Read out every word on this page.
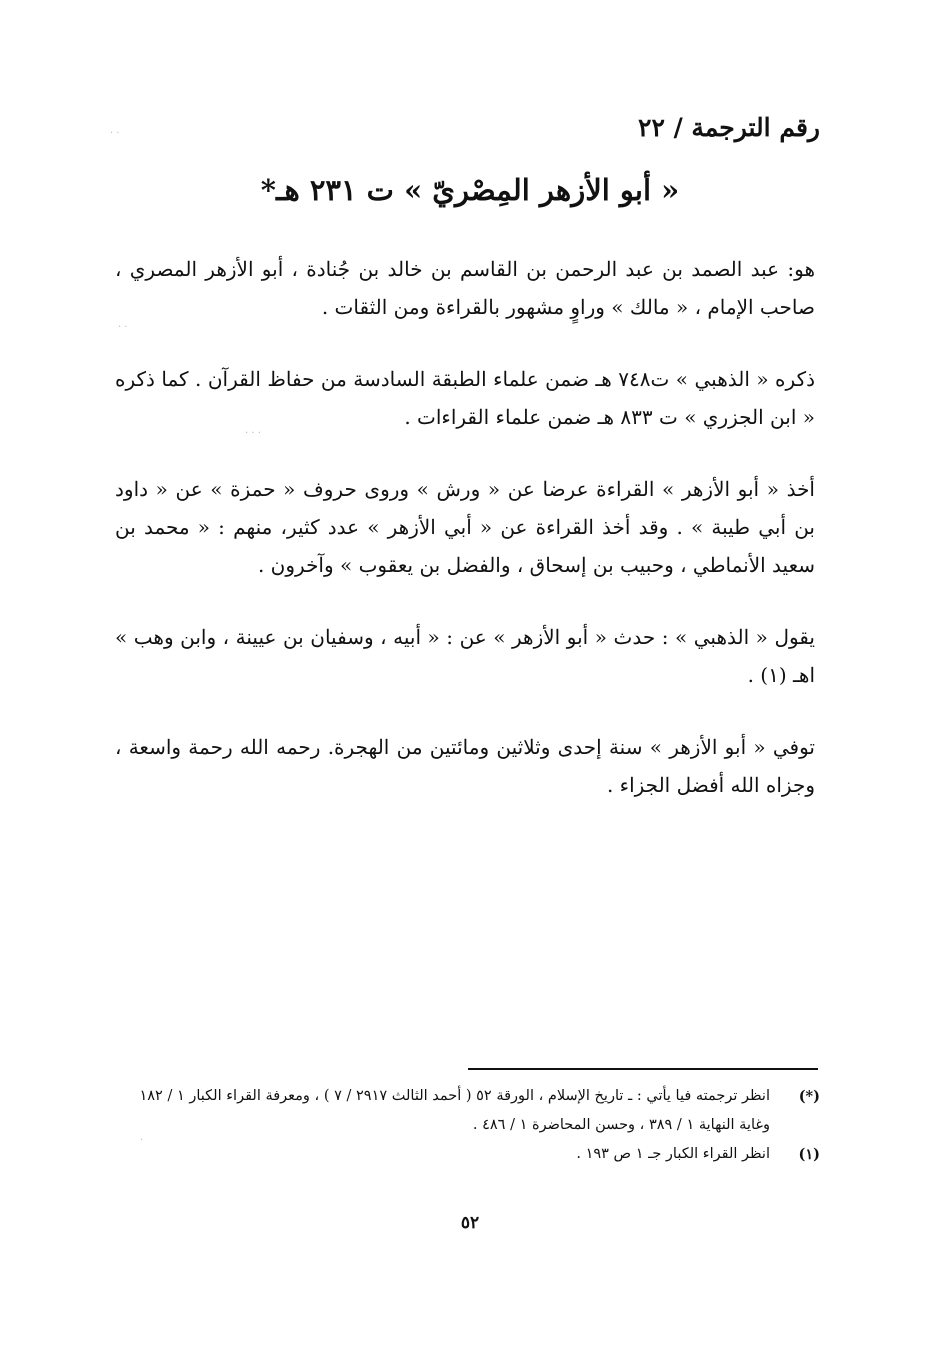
رقم الترجمة / ٢٢
« أبو الأزهر المِصْريّ » ت ٢٣١ هـ*

هو: عبد الصمد بن عبد الرحمن بن القاسم بن خالد بن جُنادة ، أبو الأزهر المصري ، صاحب الإمام ، « مالك » وراوٍ مشهور بالقراءة ومن الثقات .

ذكره « الذهبي » ت٧٤٨ هـ ضمن علماء الطبقة السادسة من حفاظ القرآن . كما ذكره « ابن الجزري » ت ٨٣٣ هـ ضمن علماء القراءات .

أخذ « أبو الأزهر » القراءة عرضا عن « ورش » وروى حروف « حمزة » عن « داود بن أبي طيبة » . وقد أخذ القراءة عن « أبي الأزهر » عدد كثير، منهم : « محمد بن سعيد الأنماطي ، وحبيب بن إسحاق ، والفضل بن يعقوب » وآخرون .

يقول « الذهبي » : حدث « أبو الأزهر » عن : « أبيه ، وسفيان بن عيينة ، وابن وهب » اهـ (١) .

توفي « أبو الأزهر » سنة إحدى وثلاثين ومائتين من الهجرة. رحمه الله رحمة واسعة ، وجزاه الله أفضل الجزاء .

(*)
انظر ترجمته فيا يأتي : ـ تاريخ الإسلام ، الورقة ٥٢ ( أحمد الثالث ٢٩١٧ / ٧ ) ، ومعرفة القراء الكبار ١ / ١٨٢ وغاية النهاية ١ / ٣٨٩ ، وحسن المحاضرة ١ / ٤٨٦ .
(١)
انظر القراء الكبار جـ ١ ص ١٩٣ .
٥٢
· ·
· ·
· · ·
·
